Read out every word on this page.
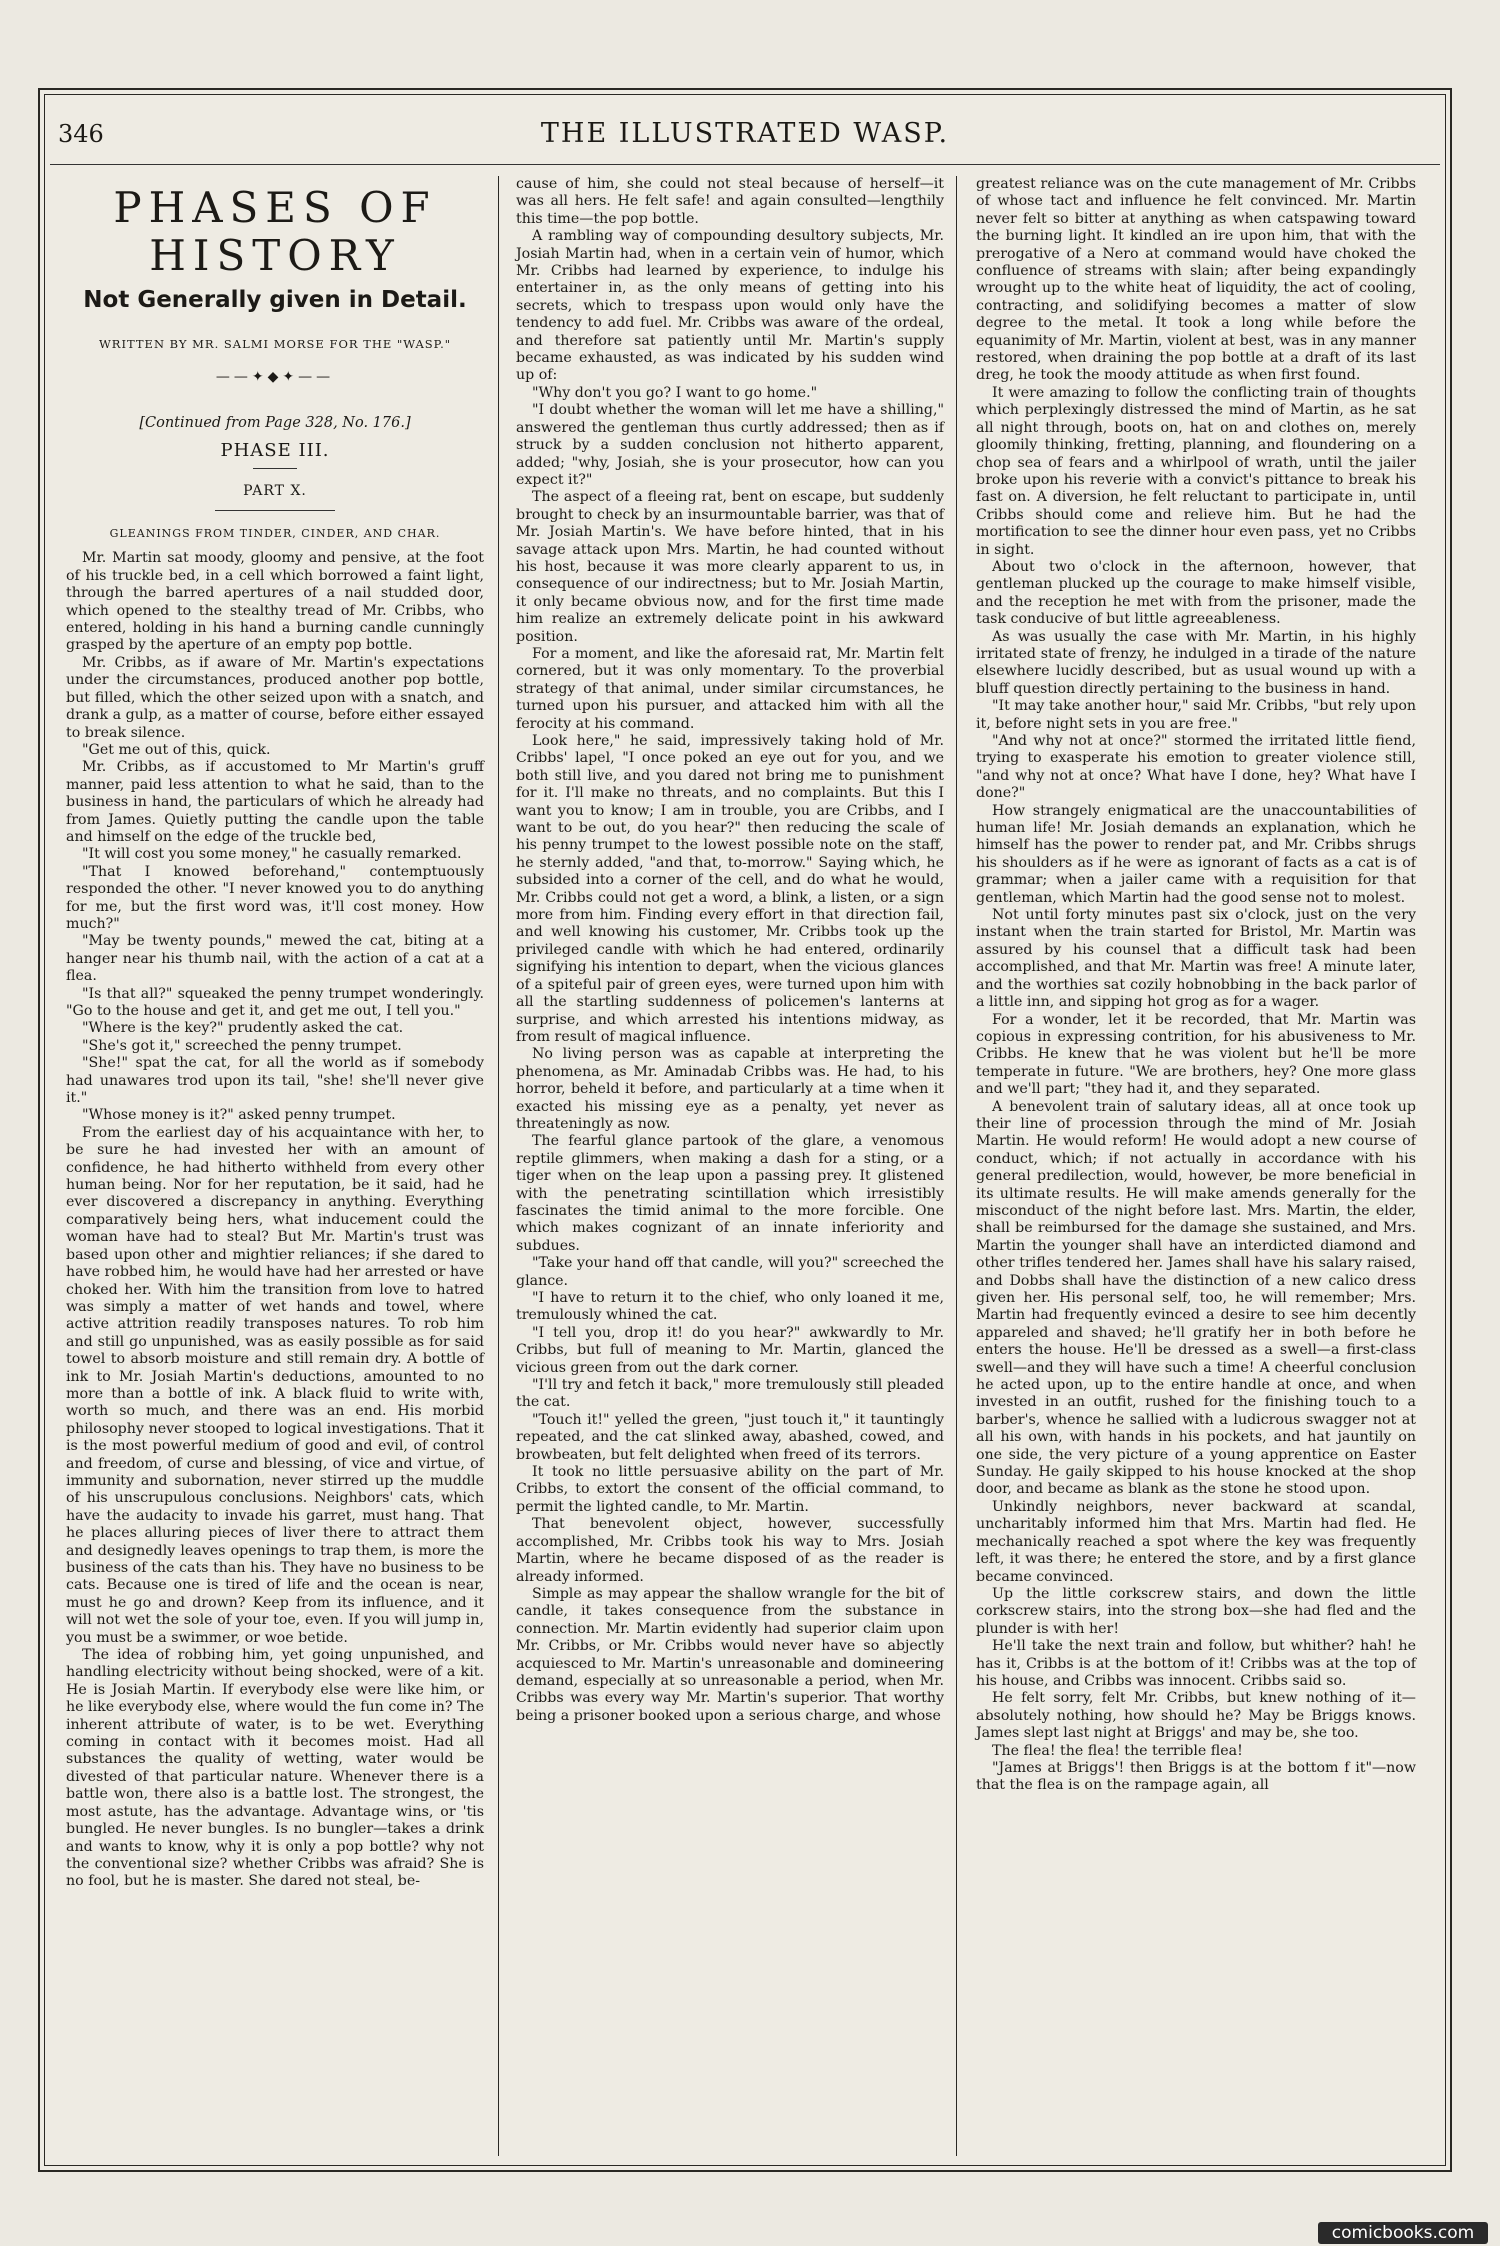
346	THE ILLUSTRATED WASP.
PHASES OF HISTORY
Not Generally given in Detail.
WRITTEN BY MR. SALMI MORSE FOR THE "WASP."
——✦◆✦——
[Continued from Page 328, No. 176.]
PHASE III.
PART X.
GLEANINGS FROM TINDER, CINDER, AND CHAR.

Mr. Martin sat moody, gloomy and pensive, at the foot of his truckle bed, in a cell which borrowed a faint light, through the barred apertures of a nail studded door, which opened to the stealthy tread of Mr. Cribbs, who entered, holding in his hand a burning candle cunningly grasped by the aperture of an empty pop bottle.

Mr. Cribbs, as if aware of Mr. Martin's expectations under the circumstances, produced another pop bottle, but filled, which the other seized upon with a snatch, and drank a gulp, as a matter of course, before either essayed to break silence.

"Get me out of this, quick.

Mr. Cribbs, as if accustomed to Mr Martin's gruff manner, paid less attention to what he said, than to the business in hand, the particulars of which he already had from James. Quietly putting the candle upon the table and himself on the edge of the truckle bed,

"It will cost you some money," he casually remarked.

"That I knowed beforehand," contemptuously responded the other. "I never knowed you to do anything for me, but the first word was, it'll cost money. How much?"

"May be twenty pounds," mewed the cat, biting at a hanger near his thumb nail, with the action of a cat at a flea.

"Is that all?" squeaked the penny trumpet wonderingly. "Go to the house and get it, and get me out, I tell you."

"Where is the key?" prudently asked the cat.

"She's got it," screeched the penny trumpet.

"She!" spat the cat, for all the world as if somebody had unawares trod upon its tail, "she! she'll never give it."

"Whose money is it?" asked penny trumpet.

From the earliest day of his acquaintance with her, to be sure he had invested her with an amount of confidence, he had hitherto withheld from every other human being. Nor for her reputation, be it said, had he ever discovered a discrepancy in anything. Everything comparatively being hers, what inducement could the woman have had to steal? But Mr. Martin's trust was based upon other and mightier reliances; if she dared to have robbed him, he would have had her arrested or have choked her. With him the transition from love to hatred was simply a matter of wet hands and towel, where active attrition readily transposes natures. To rob him and still go unpunished, was as easily possible as for said towel to absorb moisture and still remain dry. A bottle of ink to Mr. Josiah Martin's deductions, amounted to no more than a bottle of ink. A black fluid to write with, worth so much, and there was an end. His morbid philosophy never stooped to logical investigations. That it is the most powerful medium of good and evil, of control and freedom, of curse and blessing, of vice and virtue, of immunity and subornation, never stirred up the muddle of his unscrupulous conclusions. Neighbors' cats, which have the audacity to invade his garret, must hang. That he places alluring pieces of liver there to attract them and designedly leaves openings to trap them, is more the business of the cats than his. They have no business to be cats. Because one is tired of life and the ocean is near, must he go and drown? Keep from its influence, and it will not wet the sole of your toe, even. If you will jump in, you must be a swimmer, or woe betide.

The idea of robbing him, yet going unpunished, and handling electricity without being shocked, were of a kit. He is Josiah Martin. If everybody else were like him, or he like everybody else, where would the fun come in? The inherent attribute of water, is to be wet. Everything coming in contact with it becomes moist. Had all substances the quality of wetting, water would be divested of that particular nature. Whenever there is a battle won, there also is a battle lost. The strongest, the most astute, has the advantage. Advantage wins, or 'tis bungled. He never bungles. Is no bungler—takes a drink and wants to know, why it is only a pop bottle? why not the conventional size? whether Cribbs was afraid? She is no fool, but he is master. She dared not steal, be-

cause of him, she could not steal because of herself—it was all hers. He felt safe! and again consulted—lengthily this time—the pop bottle.

A rambling way of compounding desultory subjects, Mr. Josiah Martin had, when in a certain vein of humor, which Mr. Cribbs had learned by experience, to indulge his entertainer in, as the only means of getting into his secrets, which to trespass upon would only have the tendency to add fuel. Mr. Cribbs was aware of the ordeal, and therefore sat patiently until Mr. Martin's supply became exhausted, as was indicated by his sudden wind up of:

"Why don't you go? I want to go home."

"I doubt whether the woman will let me have a shilling," answered the gentleman thus curtly addressed; then as if struck by a sudden conclusion not hitherto apparent, added; "why, Josiah, she is your prosecutor, how can you expect it?"

The aspect of a fleeing rat, bent on escape, but suddenly brought to check by an insurmountable barrier, was that of Mr. Josiah Martin's. We have before hinted, that in his savage attack upon Mrs. Martin, he had counted without his host, because it was more clearly apparent to us, in consequence of our indirectness; but to Mr. Josiah Martin, it only became obvious now, and for the first time made him realize an extremely delicate point in his awkward position.

For a moment, and like the aforesaid rat, Mr. Martin felt cornered, but it was only momentary. To the proverbial strategy of that animal, under similar circumstances, he turned upon his pursuer, and attacked him with all the ferocity at his command.

Look here," he said, impressively taking hold of Mr. Cribbs' lapel, "I once poked an eye out for you, and we both still live, and you dared not bring me to punishment for it. I'll make no threats, and no complaints. But this I want you to know; I am in trouble, you are Cribbs, and I want to be out, do you hear?" then reducing the scale of his penny trumpet to the lowest possible note on the staff, he sternly added, "and that, to-morrow." Saying which, he subsided into a corner of the cell, and do what he would, Mr. Cribbs could not get a word, a blink, a listen, or a sign more from him. Finding every effort in that direction fail, and well knowing his customer, Mr. Cribbs took up the privileged candle with which he had entered, ordinarily signifying his intention to depart, when the vicious glances of a spiteful pair of green eyes, were turned upon him with all the startling suddenness of policemen's lanterns at surprise, and which arrested his intentions midway, as from result of magical influence.

No living person was as capable at interpreting the phenomena, as Mr. Aminadab Cribbs was. He had, to his horror, beheld it before, and particularly at a time when it exacted his missing eye as a penalty, yet never as threateningly as now.

The fearful glance partook of the glare, a venomous reptile glimmers, when making a dash for a sting, or a tiger when on the leap upon a passing prey. It glistened with the penetrating scintillation which irresistibly fascinates the timid animal to the more forcible. One which makes cognizant of an innate inferiority and subdues.

"Take your hand off that candle, will you?" screeched the glance.

"I have to return it to the chief, who only loaned it me, tremulously whined the cat.

"I tell you, drop it! do you hear?" awkwardly to Mr. Cribbs, but full of meaning to Mr. Martin, glanced the vicious green from out the dark corner.

"I'll try and fetch it back," more tremulously still pleaded the cat.

"Touch it!" yelled the green, "just touch it," it tauntingly repeated, and the cat slinked away, abashed, cowed, and browbeaten, but felt delighted when freed of its terrors.

It took no little persuasive ability on the part of Mr. Cribbs, to extort the consent of the official command, to permit the lighted candle, to Mr. Martin.

That benevolent object, however, successfully accomplished, Mr. Cribbs took his way to Mrs. Josiah Martin, where he became disposed of as the reader is already informed.

Simple as may appear the shallow wrangle for the bit of candle, it takes consequence from the substance in connection. Mr. Martin evidently had superior claim upon Mr. Cribbs, or Mr. Cribbs would never have so abjectly acquiesced to Mr. Martin's unreasonable and domineering demand, especially at so unreasonable a period, when Mr. Cribbs was every way Mr. Martin's superior. That worthy being a prisoner booked upon a serious charge, and whose

greatest reliance was on the cute management of Mr. Cribbs of whose tact and influence he felt convinced. Mr. Martin never felt so bitter at anything as when catspawing toward the burning light. It kindled an ire upon him, that with the prerogative of a Nero at command would have choked the confluence of streams with slain; after being expandingly wrought up to the white heat of liquidity, the act of cooling, contracting, and solidifying becomes a matter of slow degree to the metal. It took a long while before the equanimity of Mr. Martin, violent at best, was in any manner restored, when draining the pop bottle at a draft of its last dreg, he took the moody attitude as when first found.

It were amazing to follow the conflicting train of thoughts which perplexingly distressed the mind of Martin, as he sat all night through, boots on, hat on and clothes on, merely gloomily thinking, fretting, planning, and floundering on a chop sea of fears and a whirlpool of wrath, until the jailer broke upon his reverie with a convict's pittance to break his fast on. A diversion, he felt reluctant to participate in, until Cribbs should come and relieve him. But he had the mortification to see the dinner hour even pass, yet no Cribbs in sight.

About two o'clock in the afternoon, however, that gentleman plucked up the courage to make himself visible, and the reception he met with from the prisoner, made the task conducive of but little agreeableness.

As was usually the case with Mr. Martin, in his highly irritated state of frenzy, he indulged in a tirade of the nature elsewhere lucidly described, but as usual wound up with a bluff question directly pertaining to the business in hand.

"It may take another hour," said Mr. Cribbs, "but rely upon it, before night sets in you are free."

"And why not at once?" stormed the irritated little fiend, trying to exasperate his emotion to greater violence still, "and why not at once? What have I done, hey? What have I done?"

How strangely enigmatical are the unaccountabilities of human life! Mr. Josiah demands an explanation, which he himself has the power to render pat, and Mr. Cribbs shrugs his shoulders as if he were as ignorant of facts as a cat is of grammar; when a jailer came with a requisition for that gentleman, which Martin had the good sense not to molest.

Not until forty minutes past six o'clock, just on the very instant when the train started for Bristol, Mr. Martin was assured by his counsel that a difficult task had been accomplished, and that Mr. Martin was free! A minute later, and the worthies sat cozily hobnobbing in the back parlor of a little inn, and sipping hot grog as for a wager.

For a wonder, let it be recorded, that Mr. Martin was copious in expressing contrition, for his abusiveness to Mr. Cribbs. He knew that he was violent but he'll be more temperate in future. "We are brothers, hey? One more glass and we'll part; "they had it, and they separated.

A benevolent train of salutary ideas, all at once took up their line of procession through the mind of Mr. Josiah Martin. He would reform! He would adopt a new course of conduct, which; if not actually in accordance with his general predilection, would, however, be more beneficial in its ultimate results. He will make amends generally for the misconduct of the night before last. Mrs. Martin, the elder, shall be reimbursed for the damage she sustained, and Mrs. Martin the younger shall have an interdicted diamond and other trifles tendered her. James shall have his salary raised, and Dobbs shall have the distinction of a new calico dress given her. His personal self, too, he will remember; Mrs. Martin had frequently evinced a desire to see him decently appareled and shaved; he'll gratify her in both before he enters the house. He'll be dressed as a swell—a first-class swell—and they will have such a time! A cheerful conclusion he acted upon, up to the entire handle at once, and when invested in an outfit, rushed for the finishing touch to a barber's, whence he sallied with a ludicrous swagger not at all his own, with hands in his pockets, and hat jauntily on one side, the very picture of a young apprentice on Easter Sunday. He gaily skipped to his house knocked at the shop door, and became as blank as the stone he stood upon.

Unkindly neighbors, never backward at scandal, uncharitably informed him that Mrs. Martin had fled. He mechanically reached a spot where the key was frequently left, it was there; he entered the store, and by a first glance became convinced.

Up the little corkscrew stairs, and down the little corkscrew stairs, into the strong box—she had fled and the plunder is with her!

He'll take the next train and follow, but whither? hah! he has it, Cribbs is at the bottom of it! Cribbs was at the top of his house, and Cribbs was innocent. Cribbs said so.

He felt sorry, felt Mr. Cribbs, but knew nothing of it—absolutely nothing, how should he? May be Briggs knows. James slept last night at Briggs' and may be, she too.

The flea! the flea! the terrible flea!

"James at Briggs'! then Briggs is at the bottom f it"—now that the flea is on the rampage again, all

comicbooks.com
